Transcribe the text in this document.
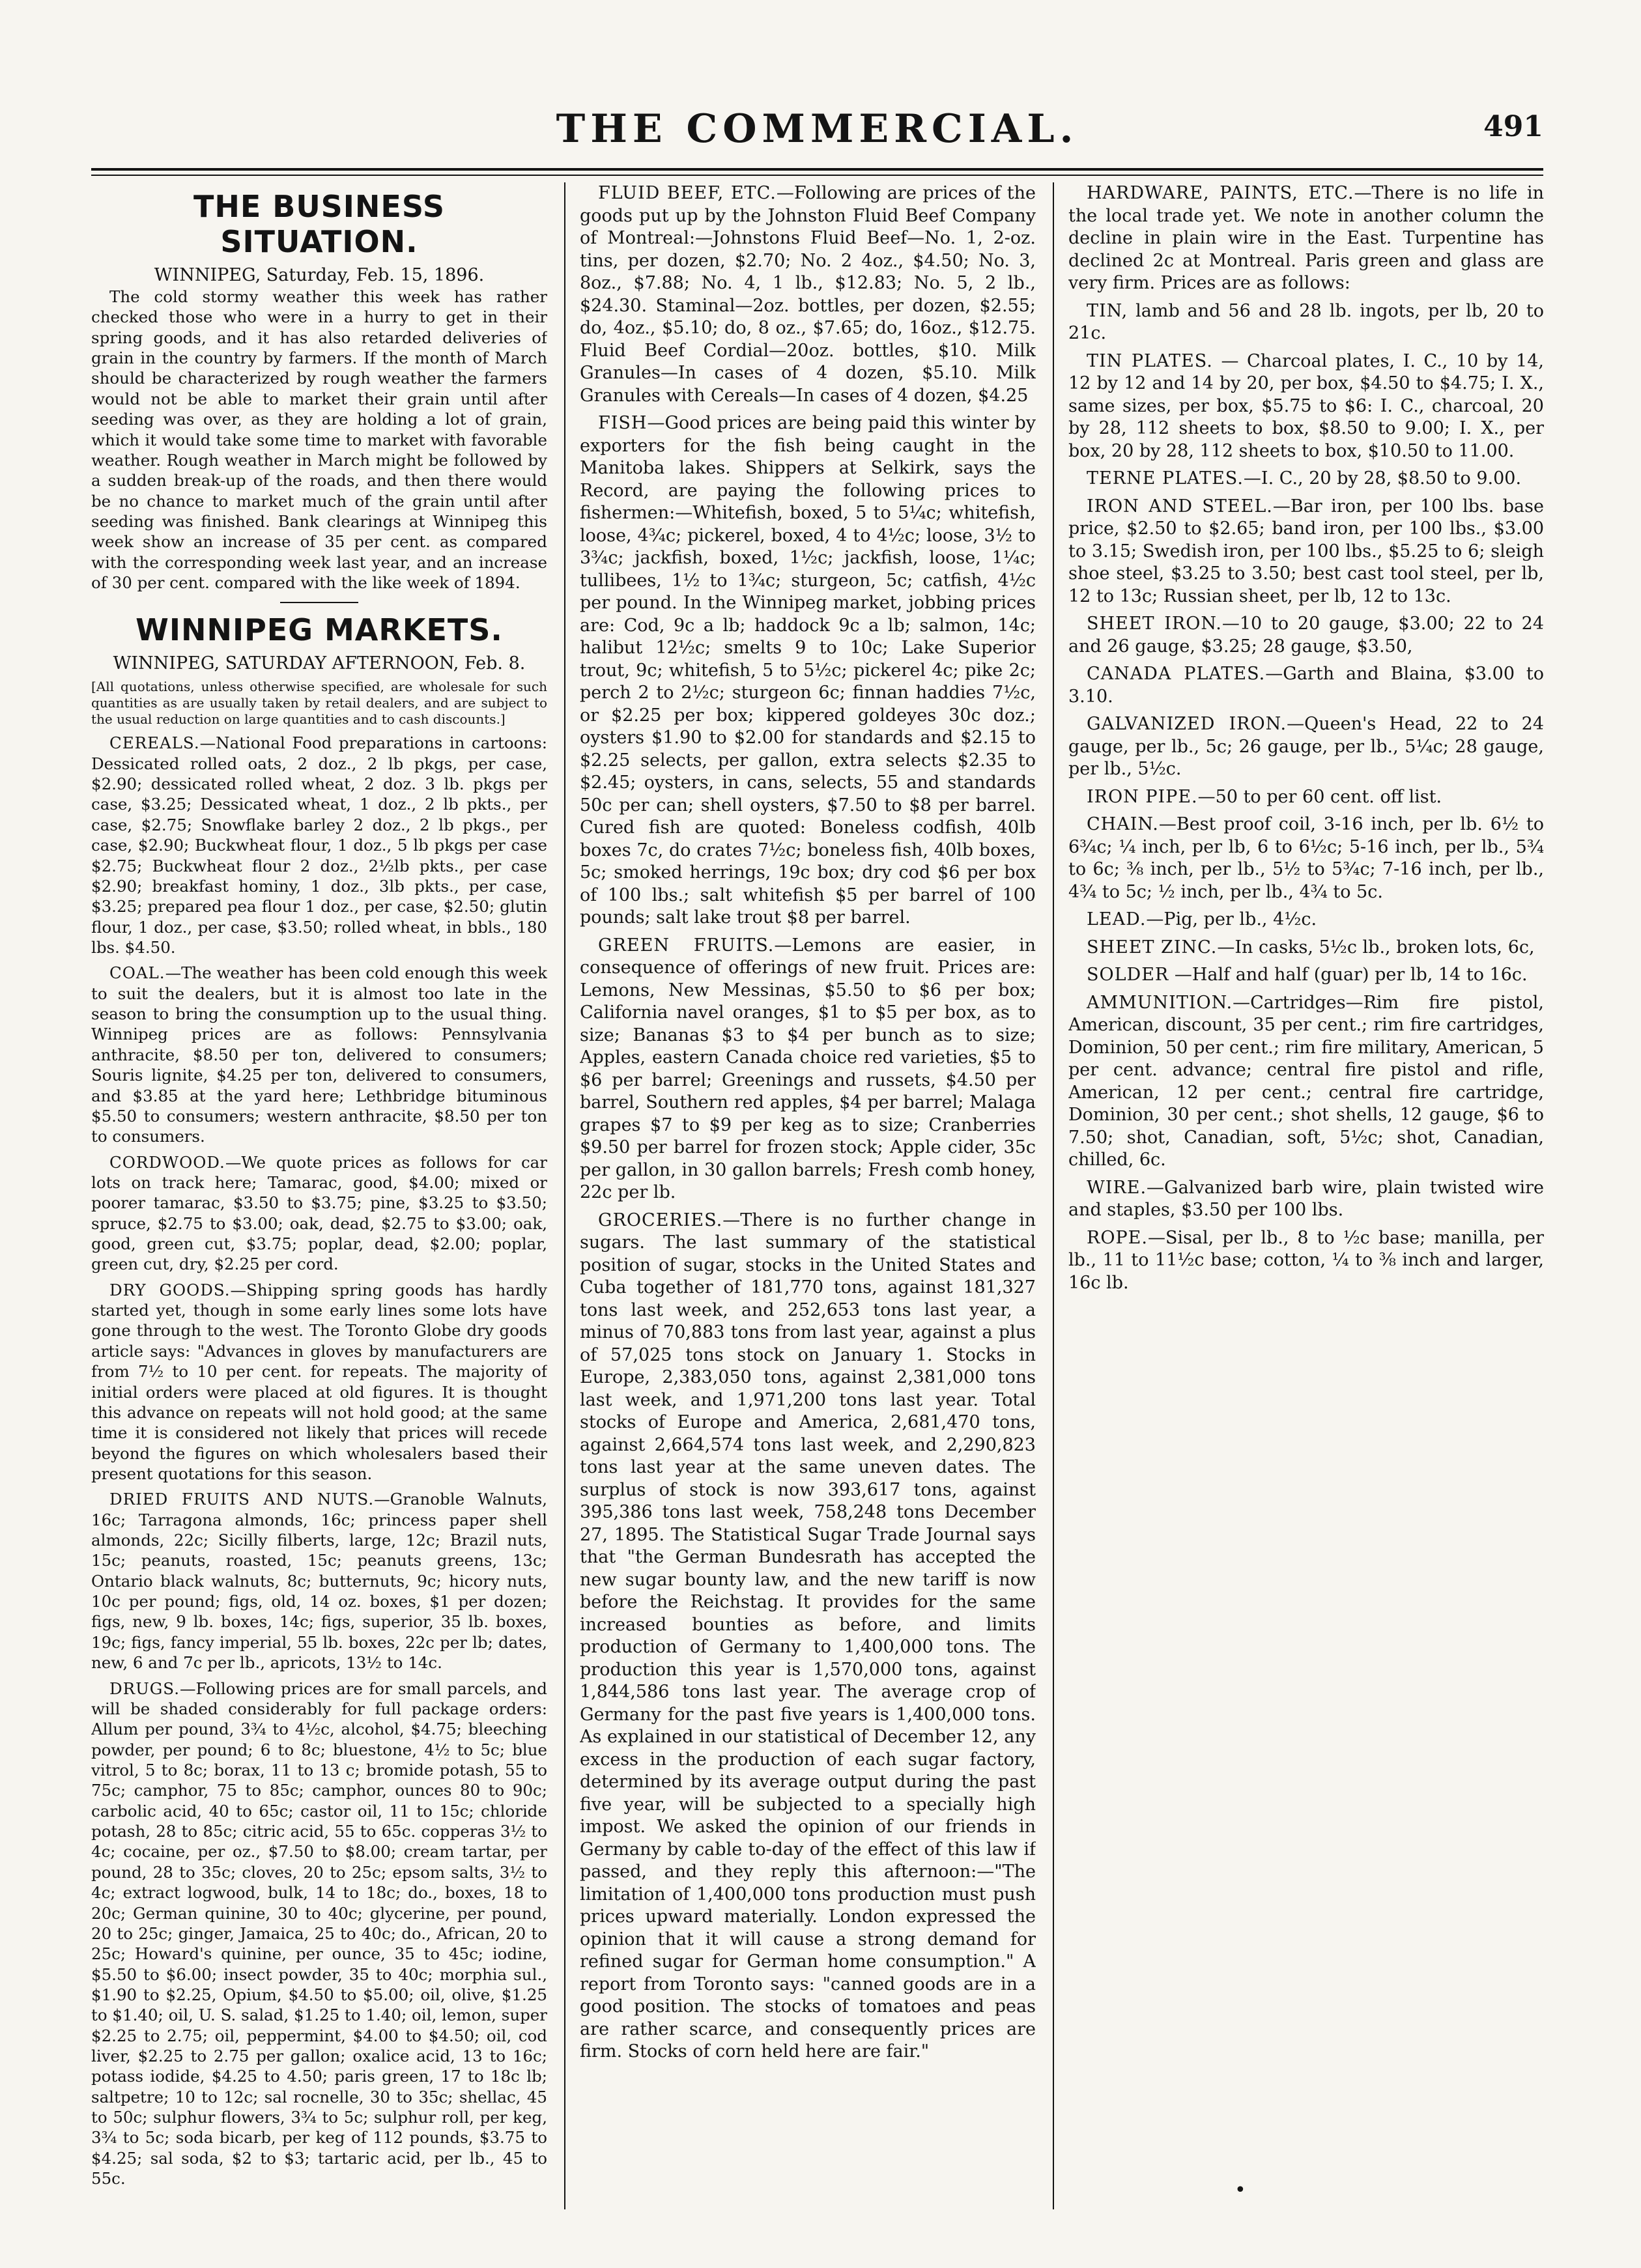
THE COMMERCIAL.	491
THE BUSINESS SITUATION.
WINNIPEG, Saturday, Feb. 15, 1896.

The cold stormy weather this week has rather checked those who were in a hurry to get in their spring goods, and it has also retarded deliveries of grain in the country by farmers. If the month of March should be characterized by rough weather the farmers would not be able to market their grain until after seeding was over, as they are holding a lot of grain, which it would take some time to market with favorable weather. Rough weather in March might be followed by a sudden break-up of the roads, and then there would be no chance to market much of the grain until after seeding was finished. Bank clearings at Winnipeg this week show an increase of 35 per cent. as compared with the corresponding week last year, and an increase of 30 per cent. compared with the like week of 1894.

WINNIPEG MARKETS.
WINNIPEG, SATURDAY AFTERNOON, Feb. 8.
[All quotations, unless otherwise specified, are wholesale for such quantities as are usually taken by retail dealers, and are subject to the usual reduction on large quantities and to cash discounts.]

CEREALS.—National Food preparations in cartoons: Dessicated rolled oats, 2 doz., 2 lb pkgs, per case, $2.90; dessicated rolled wheat, 2 doz. 3 lb. pkgs per case, $3.25; Dessicated wheat, 1 doz., 2 lb pkts., per case, $2.75; Snowflake barley 2 doz., 2 lb pkgs., per case, $2.90; Buckwheat flour, 1 doz., 5 lb pkgs per case $2.75; Buckwheat flour 2 doz., 2½lb pkts., per case $2.90; breakfast hominy, 1 doz., 3lb pkts., per case, $3.25; prepared pea flour 1 doz., per case, $2.50; glutin flour, 1 doz., per case, $3.50; rolled wheat, in bbls., 180 lbs. $4.50.

COAL.—The weather has been cold enough this week to suit the dealers, but it is almost too late in the season to bring the consumption up to the usual thing. Winnipeg prices are as follows: Pennsylvania anthracite, $8.50 per ton, delivered to consumers; Souris lignite, $4.25 per ton, delivered to consumers, and $3.85 at the yard here; Lethbridge bituminous $5.50 to consumers; western anthracite, $8.50 per ton to consumers.

CORDWOOD.—We quote prices as follows for car lots on track here; Tamarac, good, $4.00; mixed or poorer tamarac, $3.50 to $3.75; pine, $3.25 to $3.50; spruce, $2.75 to $3.00; oak, dead, $2.75 to $3.00; oak, good, green cut, $3.75; poplar, dead, $2.00; poplar, green cut, dry, $2.25 per cord.

DRY GOODS.—Shipping spring goods has hardly started yet, though in some early lines some lots have gone through to the west. The Toronto Globe dry goods article says: "Advances in gloves by manufacturers are from 7½ to 10 per cent. for repeats. The majority of initial orders were placed at old figures. It is thought this advance on repeats will not hold good; at the same time it is considered not likely that prices will recede beyond the figures on which wholesalers based their present quotations for this season.

DRIED FRUITS AND NUTS.—Granoble Walnuts, 16c; Tarragona almonds, 16c; princess paper shell almonds, 22c; Sicilly filberts, large, 12c; Brazil nuts, 15c; peanuts, roasted, 15c; peanuts greens, 13c; Ontario black walnuts, 8c; butternuts, 9c; hicory nuts, 10c per pound; figs, old, 14 oz. boxes, $1 per dozen; figs, new, 9 lb. boxes, 14c; figs, superior, 35 lb. boxes, 19c; figs, fancy imperial, 55 lb. boxes, 22c per lb; dates, new, 6 and 7c per lb., apricots, 13½ to 14c.

DRUGS.—Following prices are for small parcels, and will be shaded considerably for full package orders: Allum per pound, 3¾ to 4½c, alcohol, $4.75; bleeching powder, per pound; 6 to 8c; bluestone, 4½ to 5c; blue vitrol, 5 to 8c; borax, 11 to 13 c; bromide potash, 55 to 75c; camphor, 75 to 85c; camphor, ounces 80 to 90c; carbolic acid, 40 to 65c; castor oil, 11 to 15c; chloride potash, 28 to 85c; citric acid, 55 to 65c. copperas 3½ to 4c; cocaine, per oz., $7.50 to $8.00; cream tartar, per pound, 28 to 35c; cloves, 20 to 25c; epsom salts, 3½ to 4c; extract logwood, bulk, 14 to 18c; do., boxes, 18 to 20c; German quinine, 30 to 40c; glycerine, per pound, 20 to 25c; ginger, Jamaica, 25 to 40c; do., African, 20 to 25c; Howard's quinine, per ounce, 35 to 45c; iodine, $5.50 to $6.00; insect powder, 35 to 40c; morphia sul., $1.90 to $2.25, Opium, $4.50 to $5.00; oil, olive, $1.25 to $1.40; oil, U. S. salad, $1.25 to 1.40; oil, lemon, super $2.25 to 2.75; oil, peppermint, $4.00 to $4.50; oil, cod liver, $2.25 to 2.75 per gallon; oxalice acid, 13 to 16c; potass iodide, $4.25 to 4.50; paris green, 17 to 18c lb; saltpetre; 10 to 12c; sal rocnelle, 30 to 35c; shellac, 45 to 50c; sulphur flowers, 3¾ to 5c; sulphur roll, per keg, 3¾ to 5c; soda bicarb, per keg of 112 pounds, $3.75 to $4.25; sal soda, $2 to $3; tartaric acid, per lb., 45 to 55c.

FLUID BEEF, ETC.—Following are prices of the goods put up by the Johnston Fluid Beef Company of Montreal:—Johnstons Fluid Beef—No. 1, 2-oz. tins, per dozen, $2.70; No. 2 4oz., $4.50; No. 3, 8oz., $7.88; No. 4, 1 lb., $12.83; No. 5, 2 lb., $24.30. Staminal—2oz. bottles, per dozen, $2.55; do, 4oz., $5.10; do, 8 oz., $7.65; do, 16oz., $12.75. Fluid Beef Cordial—20oz. bottles, $10. Milk Granules—In cases of 4 dozen, $5.10. Milk Granules with Cereals—In cases of 4 dozen, $4.25

FISH—Good prices are being paid this winter by exporters for the fish being caught in the Manitoba lakes. Shippers at Selkirk, says the Record, are paying the following prices to fishermen:—Whitefish, boxed, 5 to 5¼c; whitefish, loose, 4¾c; pickerel, boxed, 4 to 4½c; loose, 3½ to 3¾c; jackfish, boxed, 1½c; jackfish, loose, 1¼c; tullibees, 1½ to 1¾c; sturgeon, 5c; catfish, 4½c per pound. In the Winnipeg market, jobbing prices are: Cod, 9c a lb; haddock 9c a lb; salmon, 14c; halibut 12½c; smelts 9 to 10c; Lake Superior trout, 9c; whitefish, 5 to 5½c; pickerel 4c; pike 2c; perch 2 to 2½c; sturgeon 6c; finnan haddies 7½c, or $2.25 per box; kippered goldeyes 30c doz.; oysters $1.90 to $2.00 for standards and $2.15 to $2.25 selects, per gallon, extra selects $2.35 to $2.45; oysters, in cans, selects, 55 and standards 50c per can; shell oysters, $7.50 to $8 per barrel. Cured fish are quoted: Boneless codfish, 40lb boxes 7c, do crates 7½c; boneless fish, 40lb boxes, 5c; smoked herrings, 19c box; dry cod $6 per box of 100 lbs.; salt whitefish $5 per barrel of 100 pounds; salt lake trout $8 per barrel.

GREEN FRUITS.—Lemons are easier, in consequence of offerings of new fruit. Prices are: Lemons, New Messinas, $5.50 to $6 per box; California navel oranges, $1 to $5 per box, as to size; Bananas $3 to $4 per bunch as to size; Apples, eastern Canada choice red varieties, $5 to $6 per barrel; Greenings and russets, $4.50 per barrel, Southern red apples, $4 per barrel; Malaga grapes $7 to $9 per keg as to size; Cranberries $9.50 per barrel for frozen stock; Apple cider, 35c per gallon, in 30 gallon barrels; Fresh comb honey, 22c per lb.

GROCERIES.—There is no further change in sugars. The last summary of the statistical position of sugar, stocks in the United States and Cuba together of 181,770 tons, against 181,327 tons last week, and 252,653 tons last year, a minus of 70,883 tons from last year, against a plus of 57,025 tons stock on January 1. Stocks in Europe, 2,383,050 tons, against 2,381,000 tons last week, and 1,971,200 tons last year. Total stocks of Europe and America, 2,681,470 tons, against 2,664,574 tons last week, and 2,290,823 tons last year at the same uneven dates. The surplus of stock is now 393,617 tons, against 395,386 tons last week, 758,248 tons December 27, 1895. The Statistical Sugar Trade Journal says that "the German Bundesrath has accepted the new sugar bounty law, and the new tariff is now before the Reichstag. It provides for the same increased bounties as before, and limits production of Germany to 1,400,000 tons. The production this year is 1,570,000 tons, against 1,844,586 tons last year. The average crop of Germany for the past five years is 1,400,000 tons. As explained in our statistical of December 12, any excess in the production of each sugar factory, determined by its average output during the past five year, will be subjected to a specially high impost. We asked the opinion of our friends in Germany by cable to-day of the effect of this law if passed, and they reply this afternoon:—"The limitation of 1,400,000 tons production must push prices upward materially. London expressed the opinion that it will cause a strong demand for refined sugar for German home consumption." A report from Toronto says: "canned goods are in a good position. The stocks of tomatoes and peas are rather scarce, and consequently prices are firm. Stocks of corn held here are fair."

HARDWARE, PAINTS, ETC.—There is no life in the local trade yet. We note in another column the decline in plain wire in the East. Turpentine has declined 2c at Montreal. Paris green and glass are very firm. Prices are as follows:

TIN, lamb and 56 and 28 lb. ingots, per lb, 20 to 21c.

TIN PLATES. — Charcoal plates, I. C., 10 by 14, 12 by 12 and 14 by 20, per box, $4.50 to $4.75; I. X., same sizes, per box, $5.75 to $6: I. C., charcoal, 20 by 28, 112 sheets to box, $8.50 to 9.00; I. X., per box, 20 by 28, 112 sheets to box, $10.50 to 11.00.

TERNE PLATES.—I. C., 20 by 28, $8.50 to 9.00.

IRON AND STEEL.—Bar iron, per 100 lbs. base price, $2.50 to $2.65; band iron, per 100 lbs., $3.00 to 3.15; Swedish iron, per 100 lbs., $5.25 to 6; sleigh shoe steel, $3.25 to 3.50; best cast tool steel, per lb, 12 to 13c; Russian sheet, per lb, 12 to 13c.

SHEET IRON.—10 to 20 gauge, $3.00; 22 to 24 and 26 gauge, $3.25; 28 gauge, $3.50,

CANADA PLATES.—Garth and Blaina, $3.00 to 3.10.

GALVANIZED IRON.—Queen's Head, 22 to 24 gauge, per lb., 5c; 26 gauge, per lb., 5¼c; 28 gauge, per lb., 5½c.

IRON PIPE.—50 to per 60 cent. off list.

CHAIN.—Best proof coil, 3-16 inch, per lb. 6½ to 6¾c; ¼ inch, per lb, 6 to 6½c; 5-16 inch, per lb., 5¾ to 6c; ⅜ inch, per lb., 5½ to 5¾c; 7-16 inch, per lb., 4¾ to 5c; ½ inch, per lb., 4¾ to 5c.

LEAD.—Pig, per lb., 4½c.

SHEET ZINC.—In casks, 5½c lb., broken lots, 6c,

SOLDER —Half and half (guar) per lb, 14 to 16c.

AMMUNITION.—Cartridges—Rim fire pistol, American, discount, 35 per cent.; rim fire cartridges, Dominion, 50 per cent.; rim fire military, American, 5 per cent. advance; central fire pistol and rifle, American, 12 per cent.; central fire cartridge, Dominion, 30 per cent.; shot shells, 12 gauge, $6 to 7.50; shot, Canadian, soft, 5½c; shot, Canadian, chilled, 6c.

WIRE.—Galvanized barb wire, plain twisted wire and staples, $3.50 per 100 lbs.

ROPE.—Sisal, per lb., 8 to ½c base; manilla, per lb., 11 to 11½c base; cotton, ¼ to ⅜ inch and larger, 16c lb.

•
